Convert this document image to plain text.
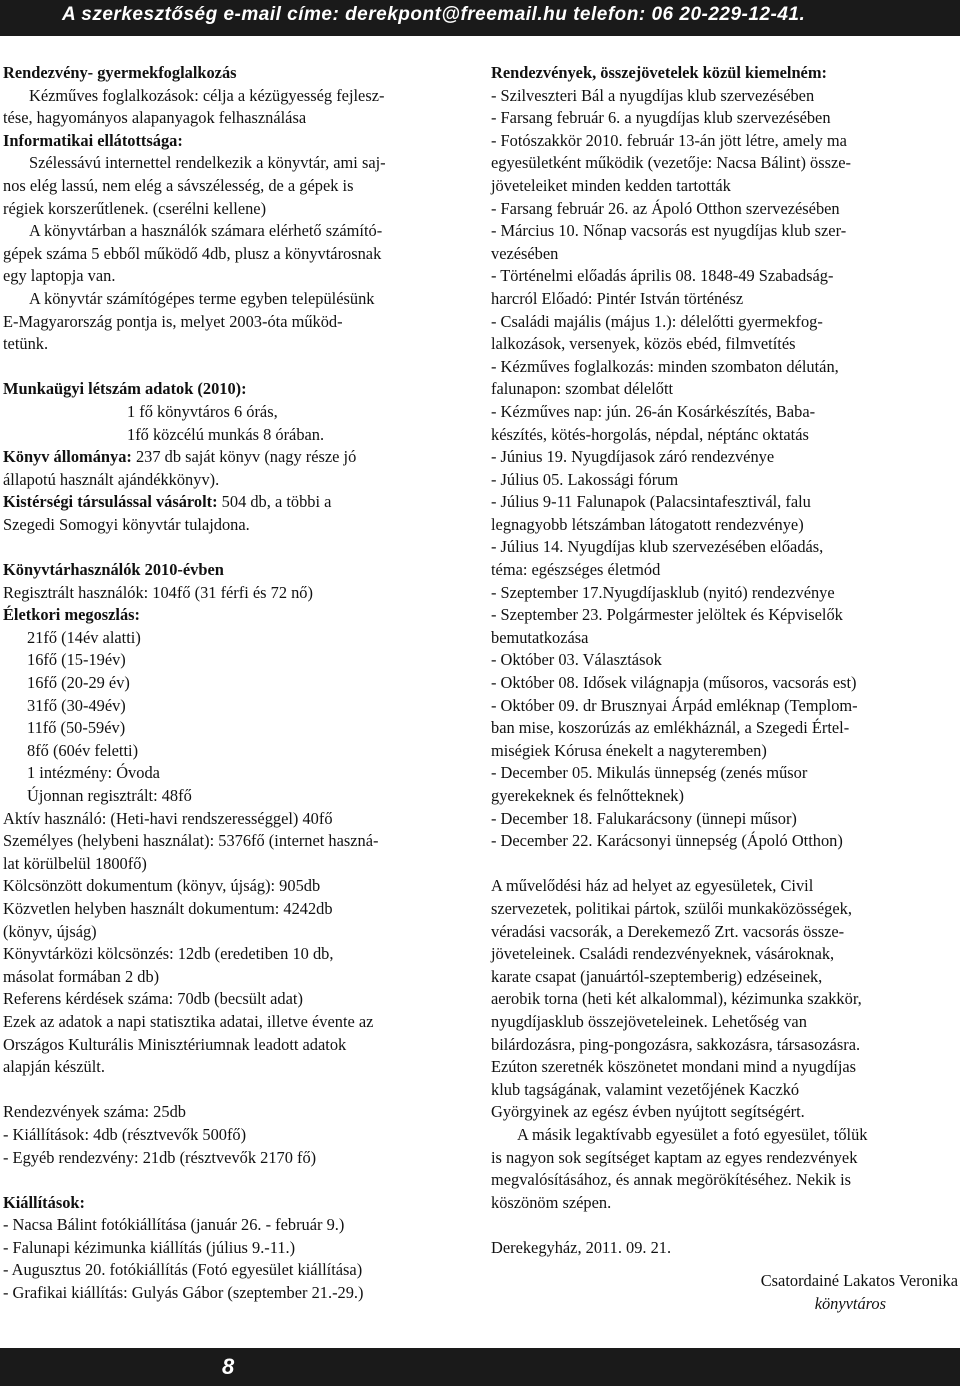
A szerkesztőség e-mail címe: derekpont@freemail.hu telefon: 06 20-229-12-41.

Rendezvény- gyermekfoglalkozás

Kézműves foglalkozások: célja a kézügyesség fejlesz-

tése, hagyományos alapanyagok felhasználása

Informatikai ellátottsága:

Szélessávú internettel rendelkezik a könyvtár, ami saj-

nos elég lassú, nem elég a sávszélesség, de a gépek is

régiek korszerűtlenek. (cserélni kellene)

A könyvtárban a használók számara elérhető számító-

gépek száma 5 ebből működő 4db, plusz a könyvtárosnak

egy laptopja van.

A könyvtár számítógépes terme egyben településünk

E-Magyarország pontja is, melyet 2003-óta működ-

tetünk.

Munkaügyi létszám adatok (2010):

1 fő könyvtáros 6 órás,

1fő közcélú munkás 8 órában.

Könyv állománya: 237 db saját könyv (nagy része jó

állapotú használt ajándékkönyv).

Kistérségi társulással vásárolt: 504 db, a többi a

Szegedi Somogyi könyvtár tulajdona.

Könyvtárhasználók 2010-évben

Regisztrált használók: 104fő (31 férfi és 72 nő)

Életkori megoszlás:

21fő (14év alatti)

16fő (15-19év)

16fő (20-29 év)

31fő (30-49év)

11fő (50-59év)

8fő (60év feletti)

1 intézmény: Óvoda

Újonnan regisztrált: 48fő

Aktív használó: (Heti-havi rendszerességgel) 40fő

Személyes (helybeni használat): 5376fő (internet haszná-

lat körülbelül 1800fő)

Kölcsönzött dokumentum (könyv, újság): 905db

Közvetlen helyben használt dokumentum: 4242db

(könyv, újság)

Könyvtárközi kölcsönzés: 12db (eredetiben 10 db,

másolat formában 2 db)

Referens kérdések száma: 70db (becsült adat)

Ezek az adatok a napi statisztika adatai, illetve évente az

Országos Kulturális Minisztériumnak leadott adatok

alapján készült.

Rendezvények száma: 25db

- Kiállítások: 4db (résztvevők 500fő)

- Egyéb rendezvény: 21db (résztvevők 2170 fő)

Kiállítások:

- Nacsa Bálint fotókiállítása (január 26. - február 9.)

- Falunapi kézimunka kiállítás (július 9.-11.)

- Augusztus 20. fotókiállítás (Fotó egyesület kiállítása)

- Grafikai kiállítás: Gulyás Gábor (szeptember 21.-29.)

Rendezvények, összejövetelek közül kiemelném:

- Szilveszteri Bál a nyugdíjas klub szervezésében

- Farsang február 6. a nyugdíjas klub szervezésében

- Fotószakkör 2010. február 13-án jött létre, amely ma

egyesületként működik (vezetője: Nacsa Bálint) össze-

jöveteleiket minden kedden tartották

- Farsang február 26. az Ápoló Otthon szervezésében

- Március 10. Nőnap vacsorás est nyugdíjas klub szer-

vezésében

- Történelmi előadás április 08. 1848-49 Szabadság-

harcról Előadó: Pintér István történész

- Családi majális (május 1.): délelőtti gyermekfog-

lalkozások, versenyek, közös ebéd, filmvetítés

- Kézműves foglalkozás: minden szombaton délután,

falunapon: szombat délelőtt

- Kézműves nap: jún. 26-án Kosárkészítés, Baba-

készítés, kötés-horgolás, népdal, néptánc oktatás

- Június 19. Nyugdíjasok záró rendezvénye

- Július 05. Lakossági fórum

- Július 9-11 Falunapok (Palacsintafesztivál, falu

legnagyobb létszámban látogatott rendezvénye)

- Július 14. Nyugdíjas klub szervezésében előadás,

téma: egészséges életmód

- Szeptember 17.Nyugdíjasklub (nyitó) rendezvénye

- Szeptember 23. Polgármester jelöltek és Képviselők

bemutatkozása

- Október 03. Választások

- Október 08. Idősek világnapja (műsoros, vacsorás est)

- Október 09. dr Brusznyai Árpád emléknap (Templom-

ban mise, koszorúzás az emlékháznál, a Szegedi Értel-

miségiek Kórusa énekelt a nagyteremben)

- December 05. Mikulás ünnepség (zenés műsor

gyerekeknek és felnőtteknek)

- December 18. Falukarácsony (ünnepi műsor)

- December 22. Karácsonyi ünnepség (Ápoló Otthon)

A művelődési ház ad helyet az egyesületek, Civil

szervezetek, politikai pártok, szülői munkaközösségek,

véradási vacsorák, a Derekemező Zrt. vacsorás össze-

jöveteleinek. Családi rendezvényeknek, vásároknak,

karate csapat (januártól-szeptemberig) edzéseinek,

aerobik torna (heti két alkalommal), kézimunka szakkör,

nyugdíjasklub összejöveteleinek. Lehetőség van

bilárdozásra, ping-pongozásra, sakkozásra, társasozásra.

Ezúton szeretnék köszönetet mondani mind a nyugdíjas

klub tagságának, valamint vezetőjének Kaczkó

Györgyinek az egész évben nyújtott segítségért.

A másik legaktívabb egyesület a fotó egyesület, tőlük

is nagyon sok segítséget kaptam az egyes rendezvények

megvalósításához, és annak megörökítéséhez. Nekik is

köszönöm szépen.

Derekegyház, 2011. 09. 21.

Csatordainé Lakatos Veronika

könyvtáros

8
